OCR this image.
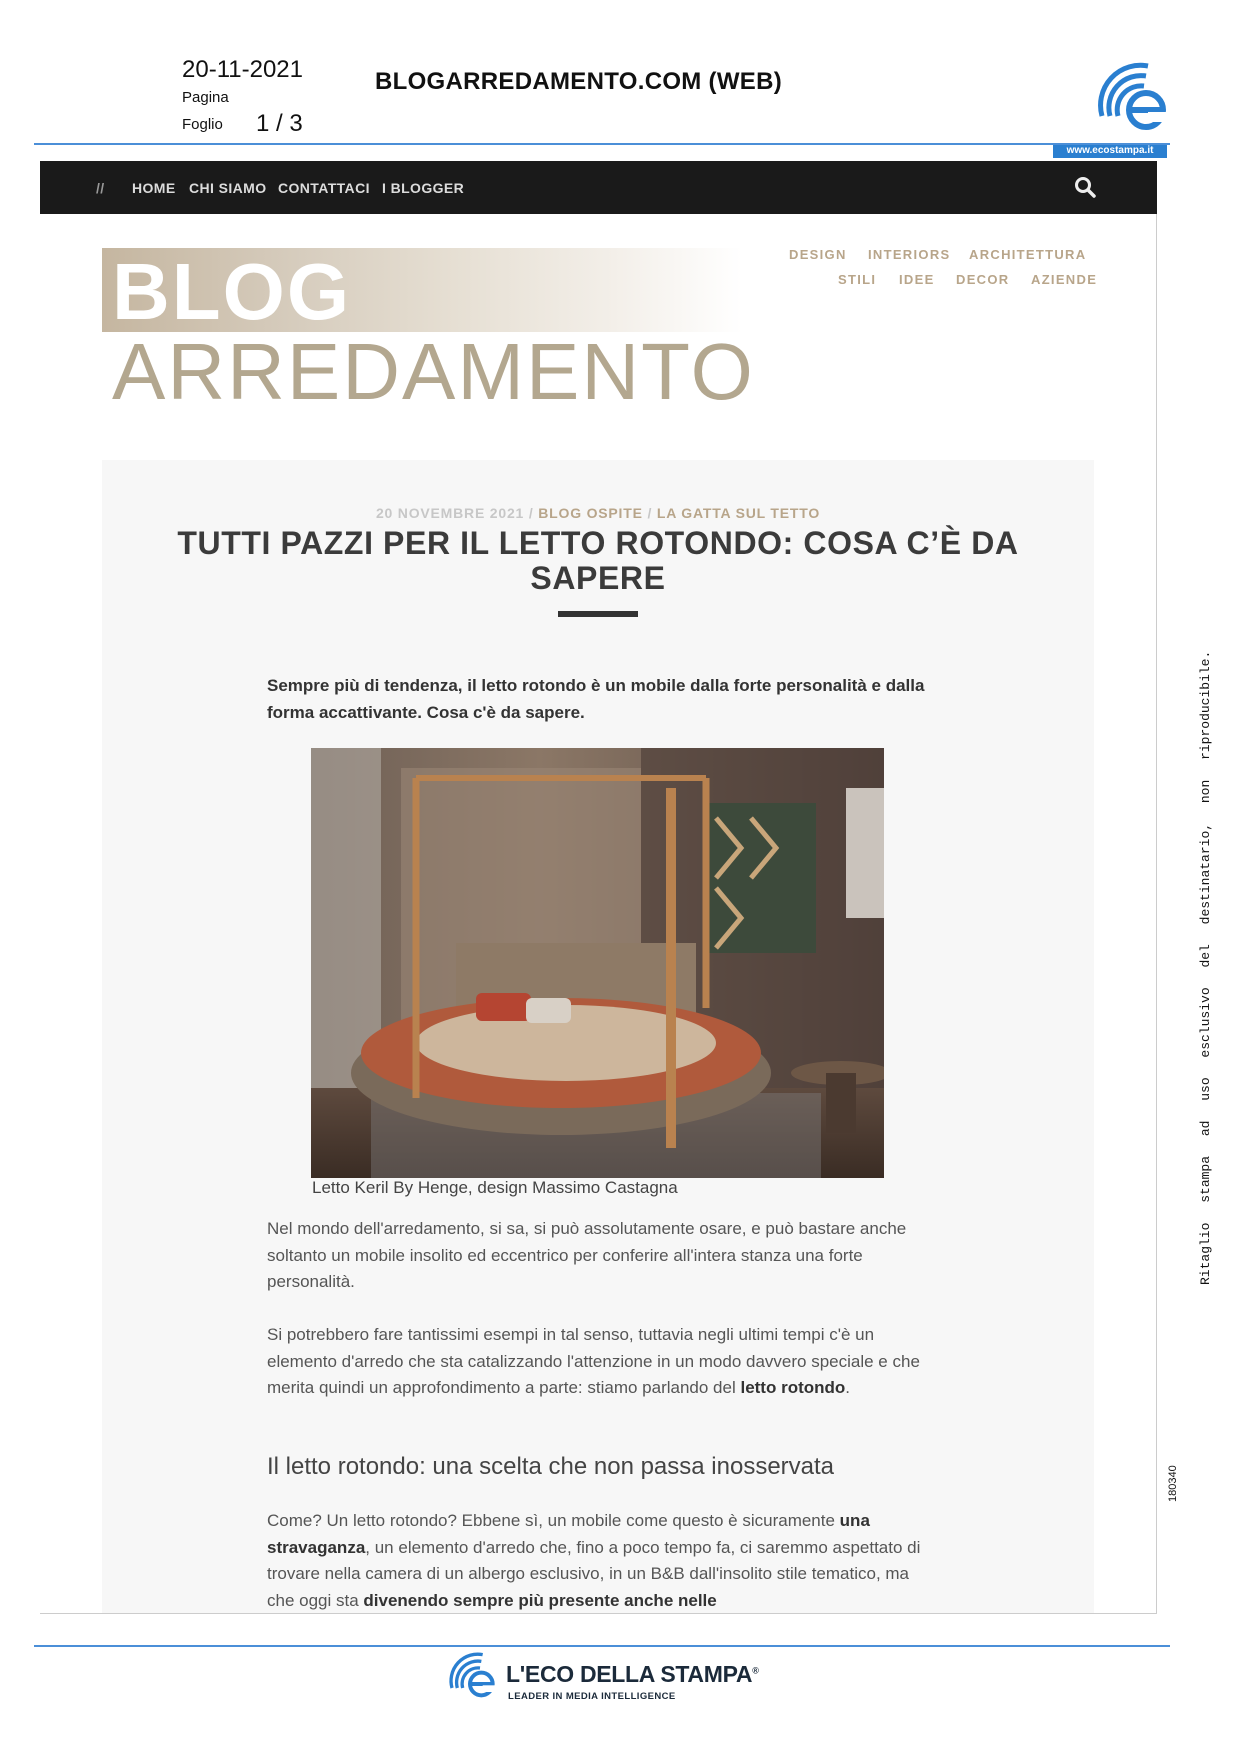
20-11-2021
Pagina
Foglio 1 / 3
BLOGARREDAMENTO.COM (WEB)
www.ecostampa.it
// HOME CHI SIAMO CONTATTACI I BLOGGER
BLOG
ARREDAMENTO
DESIGN INTERIORS ARCHITETTURA
STILI IDEE DECOR AZIENDE
20 NOVEMBRE 2021 / BLOG OSPITE / LA GATTA SUL TETTO
TUTTI PAZZI PER IL LETTO ROTONDO: COSA C’È DA
SAPERE
Sempre più di tendenza, il letto rotondo è un mobile dalla forte personalità e dalla forma accattivante. Cosa c'è da sapere.
Letto Keril By Henge, design Massimo Castagna
Nel mondo dell'arredamento, si sa, si può assolutamente osare, e può bastare anche soltanto un mobile insolito ed eccentrico per conferire all'intera stanza una forte personalità.
Si potrebbero fare tantissimi esempi in tal senso, tuttavia negli ultimi tempi c'è un elemento d'arredo che sta catalizzando l'attenzione in un modo davvero speciale e che merita quindi un approfondimento a parte: stiamo parlando del letto rotondo.
Il letto rotondo: una scelta che non passa inosservata
Come? Un letto rotondo? Ebbene sì, un mobile come questo è sicuramente una stravaganza, un elemento d'arredo che, fino a poco tempo fa, ci saremmo aspettato di trovare nella camera di un albergo esclusivo, in un B&B dall'insolito stile tematico, ma che oggi sta divenendo sempre più presente anche nelle
Ritaglio stampa ad uso esclusivo del destinatario, non riproducibile.
180340
L'ECO DELLA STAMPA®
LEADER IN MEDIA INTELLIGENCE
